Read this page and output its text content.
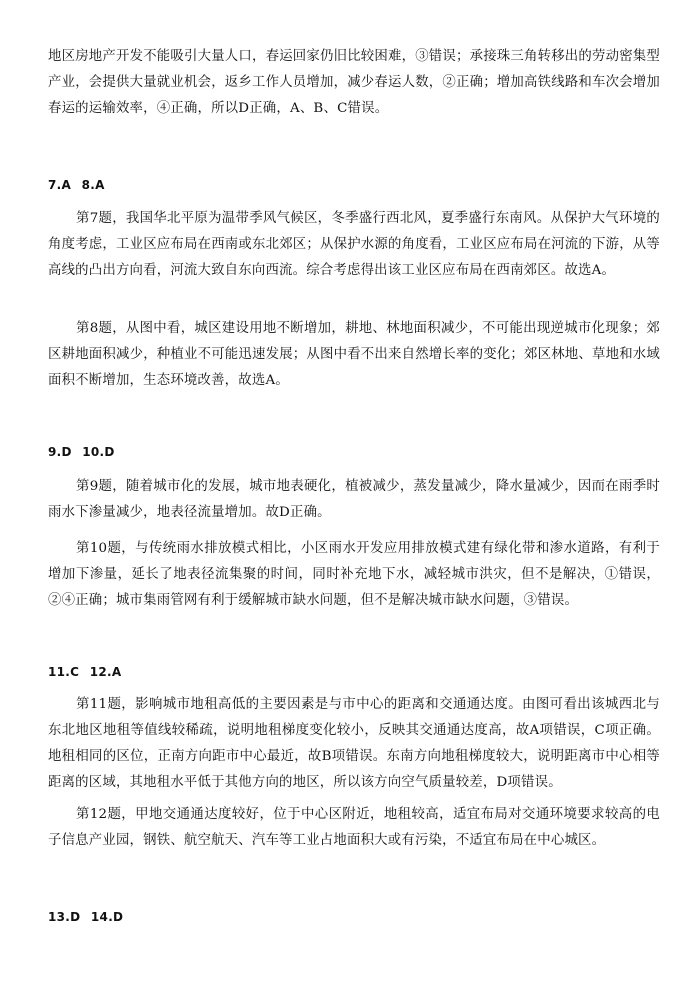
地区房地产开发不能吸引大量人口，春运回家仍旧比较困难，③错误；承接珠三角转移出的劳动密集型产业，会提供大量就业机会，返乡工作人员增加，减少春运人数，②正确；增加高铁线路和车次会增加春运的运输效率，④正确，所以D正确，A、B、C错误。

7.A 8.A

第7题，我国华北平原为温带季风气候区，冬季盛行西北风，夏季盛行东南风。从保护大气环境的角度考虑，工业区应布局在西南或东北郊区；从保护水源的角度看，工业区应布局在河流的下游，从等高线的凸出方向看，河流大致自东向西流。综合考虑得出该工业区应布局在西南郊区。故选A。

第8题，从图中看，城区建设用地不断增加，耕地、林地面积减少，不可能出现逆城市化现象；郊区耕地面积减少，种植业不可能迅速发展；从图中看不出来自然增长率的变化；郊区林地、草地和水域面积不断增加，生态环境改善，故选A。

9.D 10.D

第9题，随着城市化的发展，城市地表硬化，植被减少，蒸发量减少，降水量减少，因而在雨季时雨水下渗量减少，地表径流量增加。故D正确。

第10题，与传统雨水排放模式相比，小区雨水开发应用排放模式建有绿化带和渗水道路，有利于增加下渗量，延长了地表径流集聚的时间，同时补充地下水，减轻城市洪灾，但不是解决，①错误，②④正确；城市集雨管网有利于缓解城市缺水问题，但不是解决城市缺水问题，③错误。

11.C 12.A

第11题，影响城市地租高低的主要因素是与市中心的距离和交通通达度。由图可看出该城西北与东北地区地租等值线较稀疏，说明地租梯度变化较小，反映其交通通达度高，故A项错误，C项正确。地租相同的区位，正南方向距市中心最近，故B项错误。东南方向地租梯度较大，说明距离市中心相等距离的区域，其地租水平低于其他方向的地区，所以该方向空气质量较差，D项错误。

第12题，甲地交通通达度较好，位于中心区附近，地租较高，适宜布局对交通环境要求较高的电子信息产业园，钢铁、航空航天、汽车等工业占地面积大或有污染，不适宜布局在中心城区。

13.D 14.D
